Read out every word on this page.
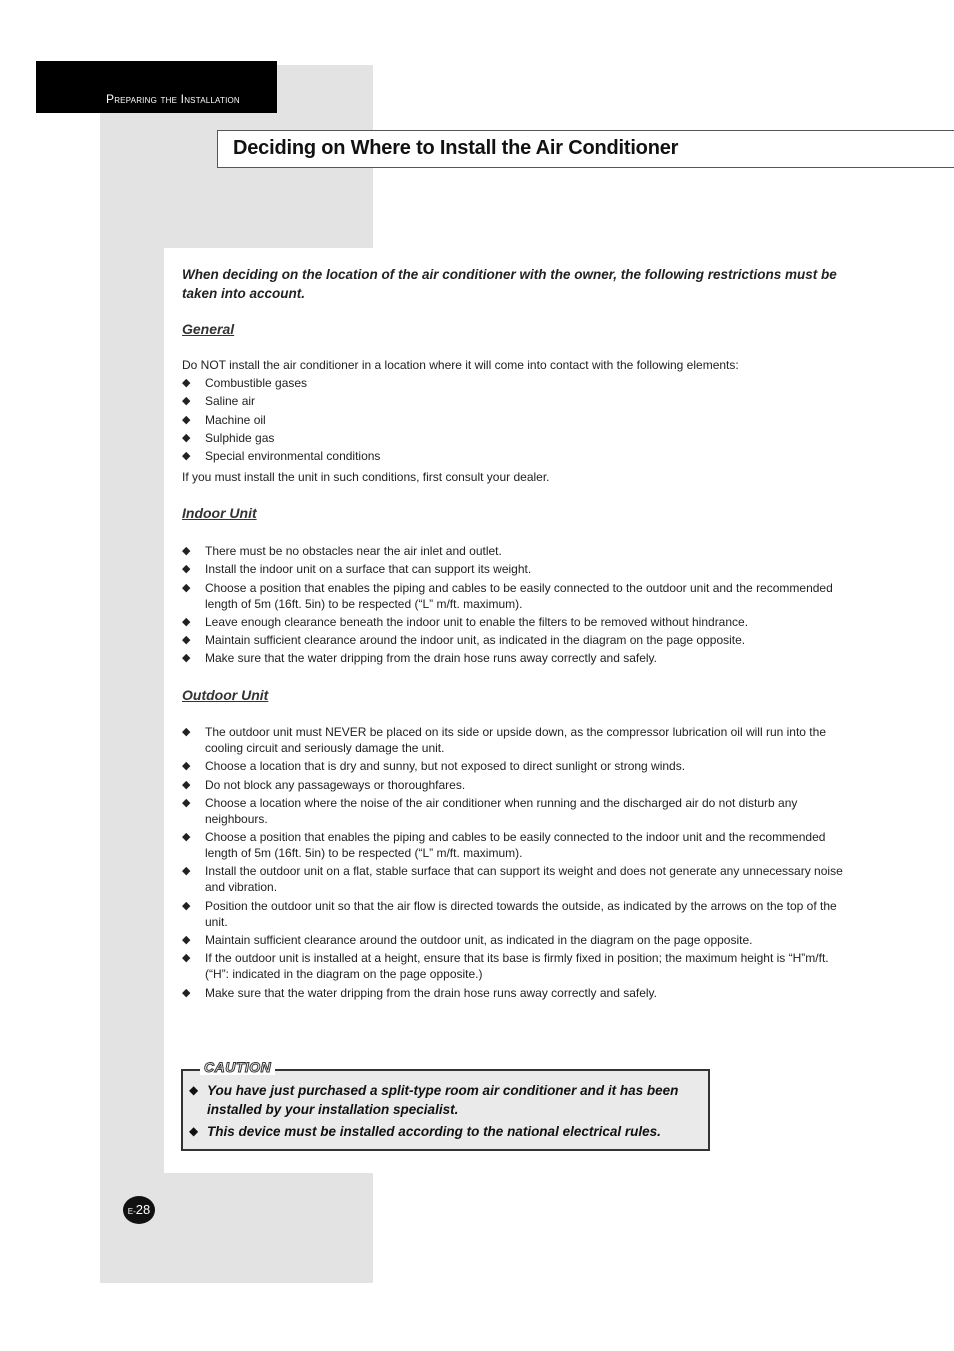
Preparing the Installation
Deciding on Where to Install the Air Conditioner
When deciding on the location of the air conditioner with the owner, the following restrictions must be taken into account.
General
Do NOT install the air conditioner in a location where it will come into contact with the following elements:
◆ Combustible gases
◆ Saline air
◆ Machine oil
◆ Sulphide gas
◆ Special environmental conditions
If you must install the unit in such conditions, first consult your dealer.
Indoor Unit
◆ There must be no obstacles near the air inlet and outlet.
◆ Install the indoor unit on a surface that can support its weight.
◆ Choose a position that enables the piping and cables to be easily connected to the outdoor unit and the recommended length of 5m (16ft. 5in) to be respected (“L” m/ft. maximum).
◆ Leave enough clearance beneath the indoor unit to enable the filters to be removed without hindrance.
◆ Maintain sufficient clearance around the indoor unit, as indicated in the diagram on the page opposite.
◆ Make sure that the water dripping from the drain hose runs away correctly and safely.
Outdoor Unit
◆ The outdoor unit must NEVER be placed on its side or upside down, as the compressor lubrication oil will run into the cooling circuit and seriously damage the unit.
◆ Choose a location that is dry and sunny, but not exposed to direct sunlight or strong winds.
◆ Do not block any passageways or thoroughfares.
◆ Choose a location where the noise of the air conditioner when running and the discharged air do not disturb any neighbours.
◆ Choose a position that enables the piping and cables to be easily connected to the indoor unit and the recommended length of 5m (16ft. 5in) to be respected (“L” m/ft. maximum).
◆ Install the outdoor unit on a flat, stable surface that can support its weight and does not generate any unnecessary noise and vibration.
◆ Position the outdoor unit so that the air flow is directed towards the outside, as indicated by the arrows on the top of the unit.
◆ Maintain sufficient clearance around the outdoor unit, as indicated in the diagram on the page opposite.
◆ If the outdoor unit is installed at a height, ensure that its base is firmly fixed in position; the maximum height is “H”m/ft. (“H”: indicated in the diagram on the page opposite.)
◆ Make sure that the water dripping from the drain hose runs away correctly and safely.
CAUTION
◆ You have just purchased a split-type room air conditioner and it has been installed by your installation specialist.
◆ This device must be installed according to the national electrical rules.
E-28
